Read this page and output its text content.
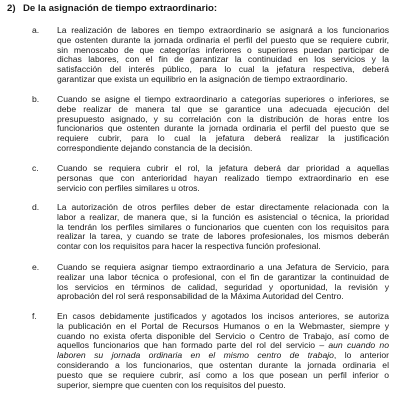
2) De la asignación de tiempo extraordinario:
a.	La realización de labores en tiempo extraordinario se asignará a los funcionarios
que ostenten durante la jornada ordinaria el perfil del puesto que se requiere cubrir,
sin menoscabo de que categorías inferiores o superiores puedan participar de
dichas labores, con el fin de garantizar la continuidad en los servicios y la
satisfacción del interés público, para lo cual la jefatura respectiva, deberá
garantizar que exista un equilibrio en la asignación de tiempo extraordinario.
b.	Cuando se asigne el tiempo extraordinario a categorías superiores o inferiores, se
debe realizar de manera tal que se garantice una adecuada ejecución del
presupuesto asignado, y su correlación con la distribución de horas entre los
funcionarios que ostenten durante la jornada ordinaria el perfil del puesto que se
requiere cubrir, para lo cual la jefatura deberá realizar la justificación
correspondiente dejando constancia de la decisión.
c.	Cuando se requiera cubrir el rol, la jefatura deberá dar prioridad a aquellas
personas que con anterioridad hayan realizado tiempo extraordinario en ese
servicio con perfiles similares u otros.
d.	La autorización de otros perfiles deber de estar directamente relacionada con la
labor a realizar, de manera que, si la función es asistencial o técnica, la prioridad
la tendrán los perfiles similares o funcionarios que cuenten con los requisitos para
realizar la tarea, y cuando se trate de labores profesionales, los mismos deberán
contar con los requisitos para hacer la respectiva función profesional.
e.	Cuando se requiera asignar tiempo extraordinario a una Jefatura de Servicio, para
realizar una labor técnica o profesional, con el fin de garantizar la continuidad de
los servicios en términos de calidad, seguridad y oportunidad, la revisión y
aprobación del rol será responsabilidad de la Máxima Autoridad del Centro.
f.	En casos debidamente justificados y agotados los incisos anteriores, se autoriza
la publicación en el Portal de Recursos Humanos o en la Webmaster, siempre y
cuando no exista oferta disponible del Servicio o Centro de Trabajo, así como de
aquellos funcionarios que han formado parte del rol del servicio – aun cuando no
laboren su jornada ordinaria en el mismo centro de trabajo, lo anterior
considerando a los funcionarios, que ostentan durante la jornada ordinaria el
puesto que se requiere cubrir, así como a los que posean un perfil inferior o
superior, siempre que cuenten con los requisitos del puesto.
